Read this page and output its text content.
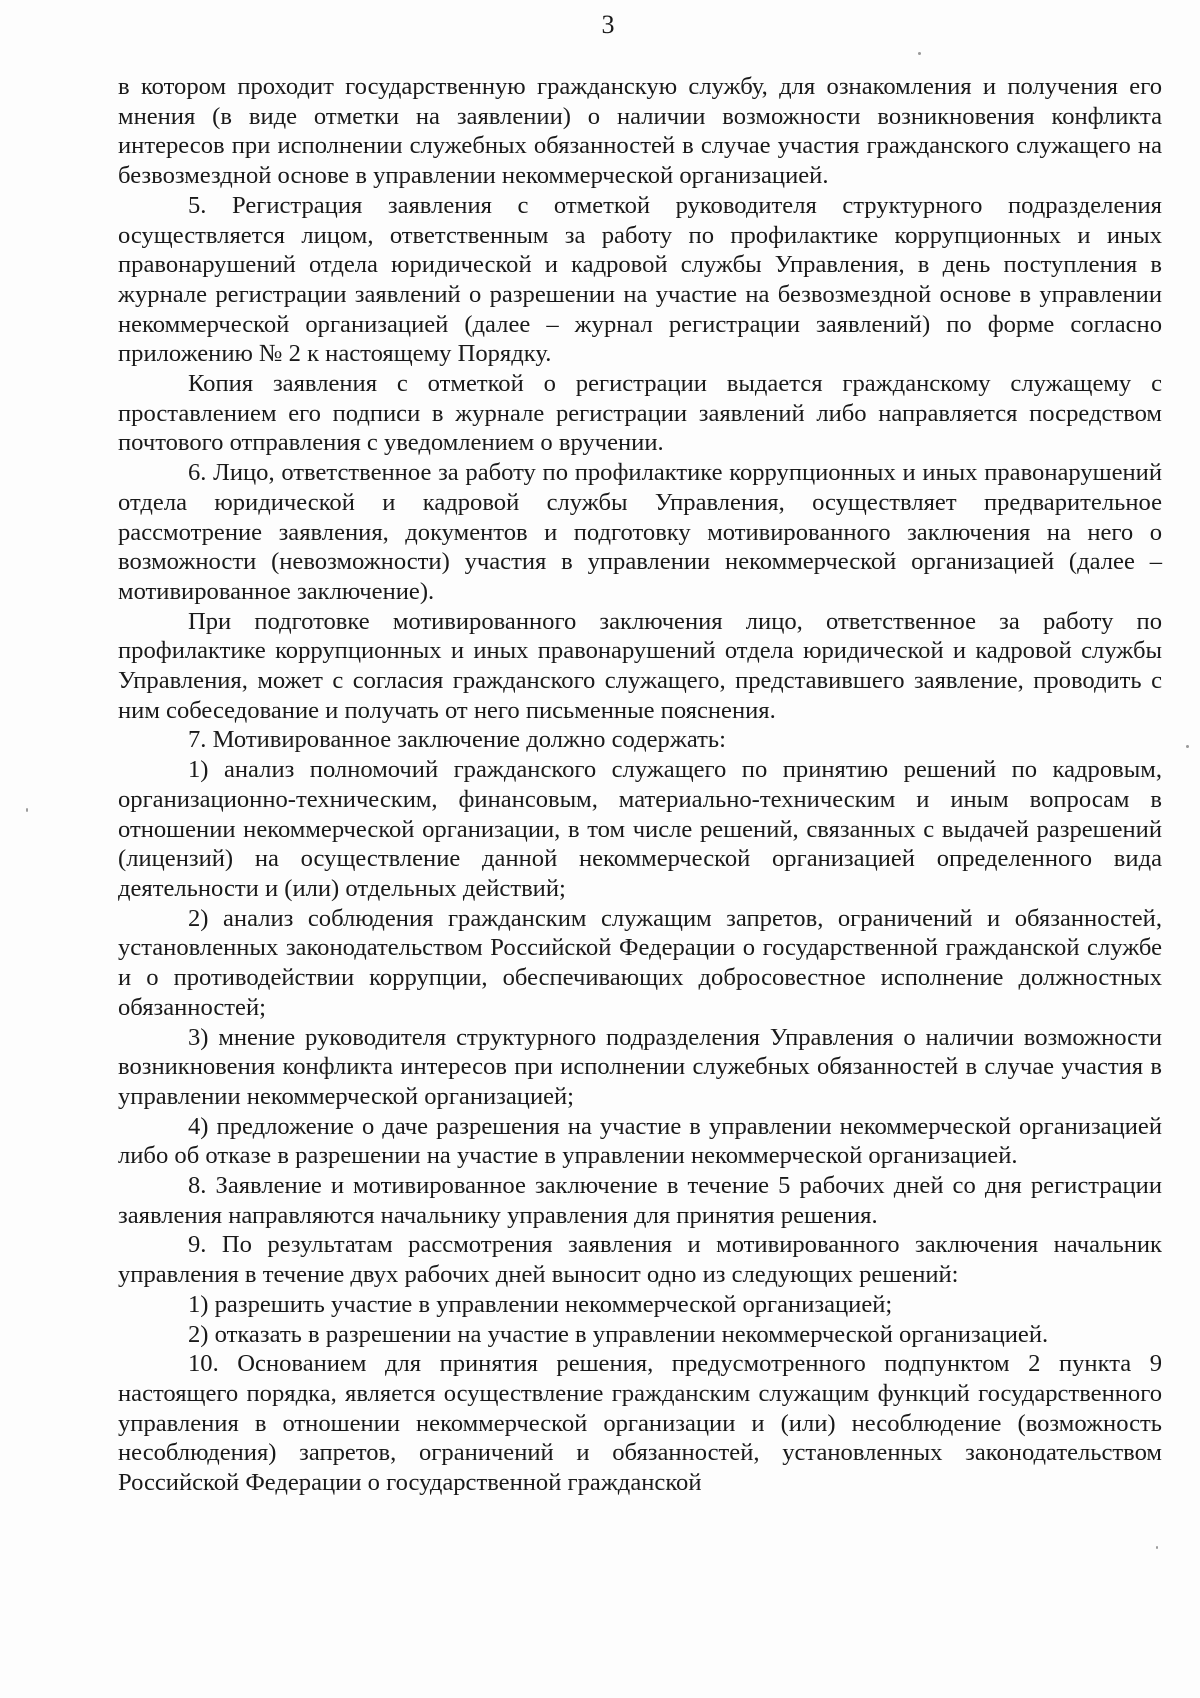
3

в котором проходит государственную гражданскую службу, для ознакомления и получения его мнения (в виде отметки на заявлении) о наличии возможности возникновения конфликта интересов при исполнении служебных обязанностей в случае участия гражданского служащего на безвозмездной основе в управлении некоммерческой организацией.

5. Регистрация заявления с отметкой руководителя структурного подразделения осуществляется лицом, ответственным за работу по профилактике коррупционных и иных правонарушений отдела юридической и кадровой службы Управления, в день поступления в журнале регистрации заявлений о разрешении на участие на безвозмездной основе в управлении некоммерческой организацией (далее – журнал регистрации заявлений) по форме согласно приложению № 2 к настоящему Порядку.

Копия заявления с отметкой о регистрации выдается гражданскому служащему с проставлением его подписи в журнале регистрации заявлений либо направляется посредством почтового отправления с уведомлением о вручении.

6. Лицо, ответственное за работу по профилактике коррупционных и иных правонарушений отдела юридической и кадровой службы Управления, осуществляет предварительное рассмотрение заявления, документов и подготовку мотивированного заключения на него о возможности (невозможности) участия в управлении некоммерческой организацией (далее – мотивированное заключение).

При подготовке мотивированного заключения лицо, ответственное за работу по профилактике коррупционных и иных правонарушений отдела юридической и кадровой службы Управления, может с согласия гражданского служащего, представившего заявление, проводить с ним собеседование и получать от него письменные пояснения.

7. Мотивированное заключение должно содержать:

1) анализ полномочий гражданского служащего по принятию решений по кадровым, организационно-техническим, финансовым, материально-техническим и иным вопросам в отношении некоммерческой организации, в том числе решений, связанных с выдачей разрешений (лицензий) на осуществление данной некоммерческой организацией определенного вида деятельности и (или) отдельных действий;

2) анализ соблюдения гражданским служащим запретов, ограничений и обязанностей, установленных законодательством Российской Федерации о государственной гражданской службе и о противодействии коррупции, обеспечивающих добросовестное исполнение должностных обязанностей;

3) мнение руководителя структурного подразделения Управления о наличии возможности возникновения конфликта интересов при исполнении служебных обязанностей в случае участия в управлении некоммерческой организацией;

4) предложение о даче разрешения на участие в управлении некоммерческой организацией либо об отказе в разрешении на участие в управлении некоммерческой организацией.

8. Заявление и мотивированное заключение в течение 5 рабочих дней со дня регистрации заявления направляются начальнику управления для принятия решения.

9. По результатам рассмотрения заявления и мотивированного заключения начальник управления в течение двух рабочих дней выносит одно из следующих решений:

1) разрешить участие в управлении некоммерческой организацией;

2) отказать в разрешении на участие в управлении некоммерческой организацией.

10. Основанием для принятия решения, предусмотренного подпунктом 2 пункта 9 настоящего порядка, является осуществление гражданским служащим функций государственного управления в отношении некоммерческой организации и (или) несоблюдение (возможность несоблюдения) запретов, ограничений и обязанностей, установленных законодательством Российской Федерации о государственной гражданской
